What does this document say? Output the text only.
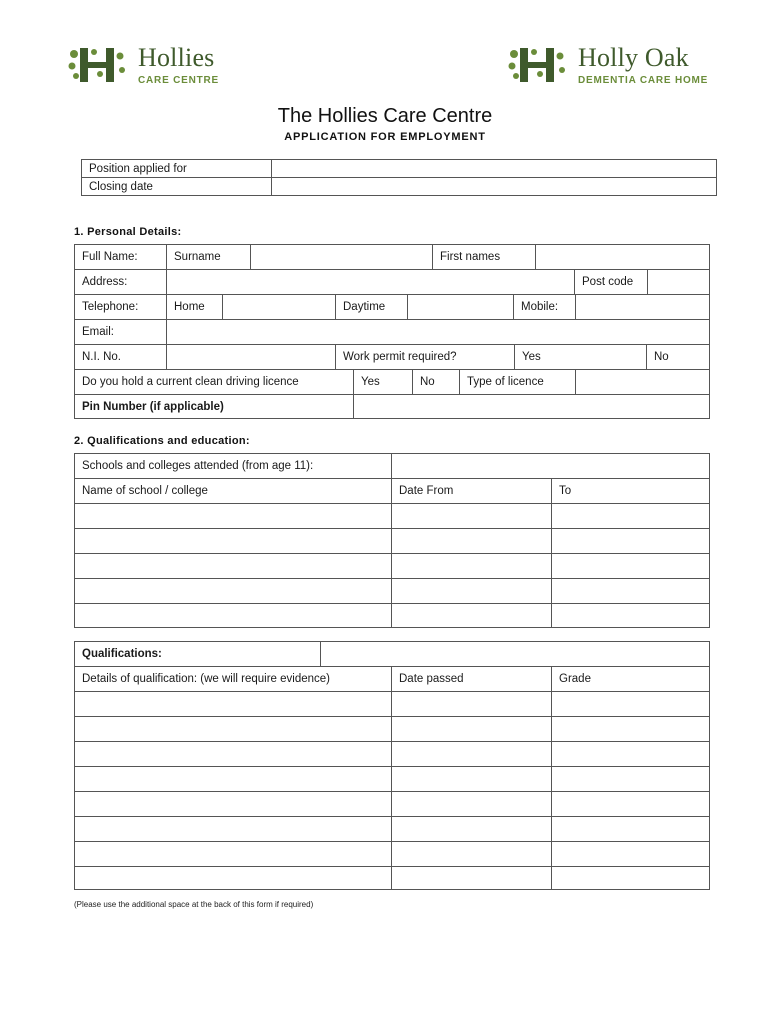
Hollies
CARE CENTRE
Holly Oak
DEMENTIA CARE HOME
The Hollies Care Centre
APPLICATION FOR EMPLOYMENT
Position applied for
Closing date
1. Personal Details:
Full Name:	Surname	First names
Address:	Post code
Telephone:	Home	Daytime	Mobile:
Email:
N.I. No.	Work permit required?	Yes	No
Do you hold a current clean driving licence	Yes	No	Type of licence
Pin Number (if applicable)
2. Qualifications and education:
Schools and colleges attended (from age 11):
Name of school / college	Date From	To
Qualifications:
Details of qualification: (we will require evidence)	Date passed	Grade
(Please use the additional space at the back of this form if required)
